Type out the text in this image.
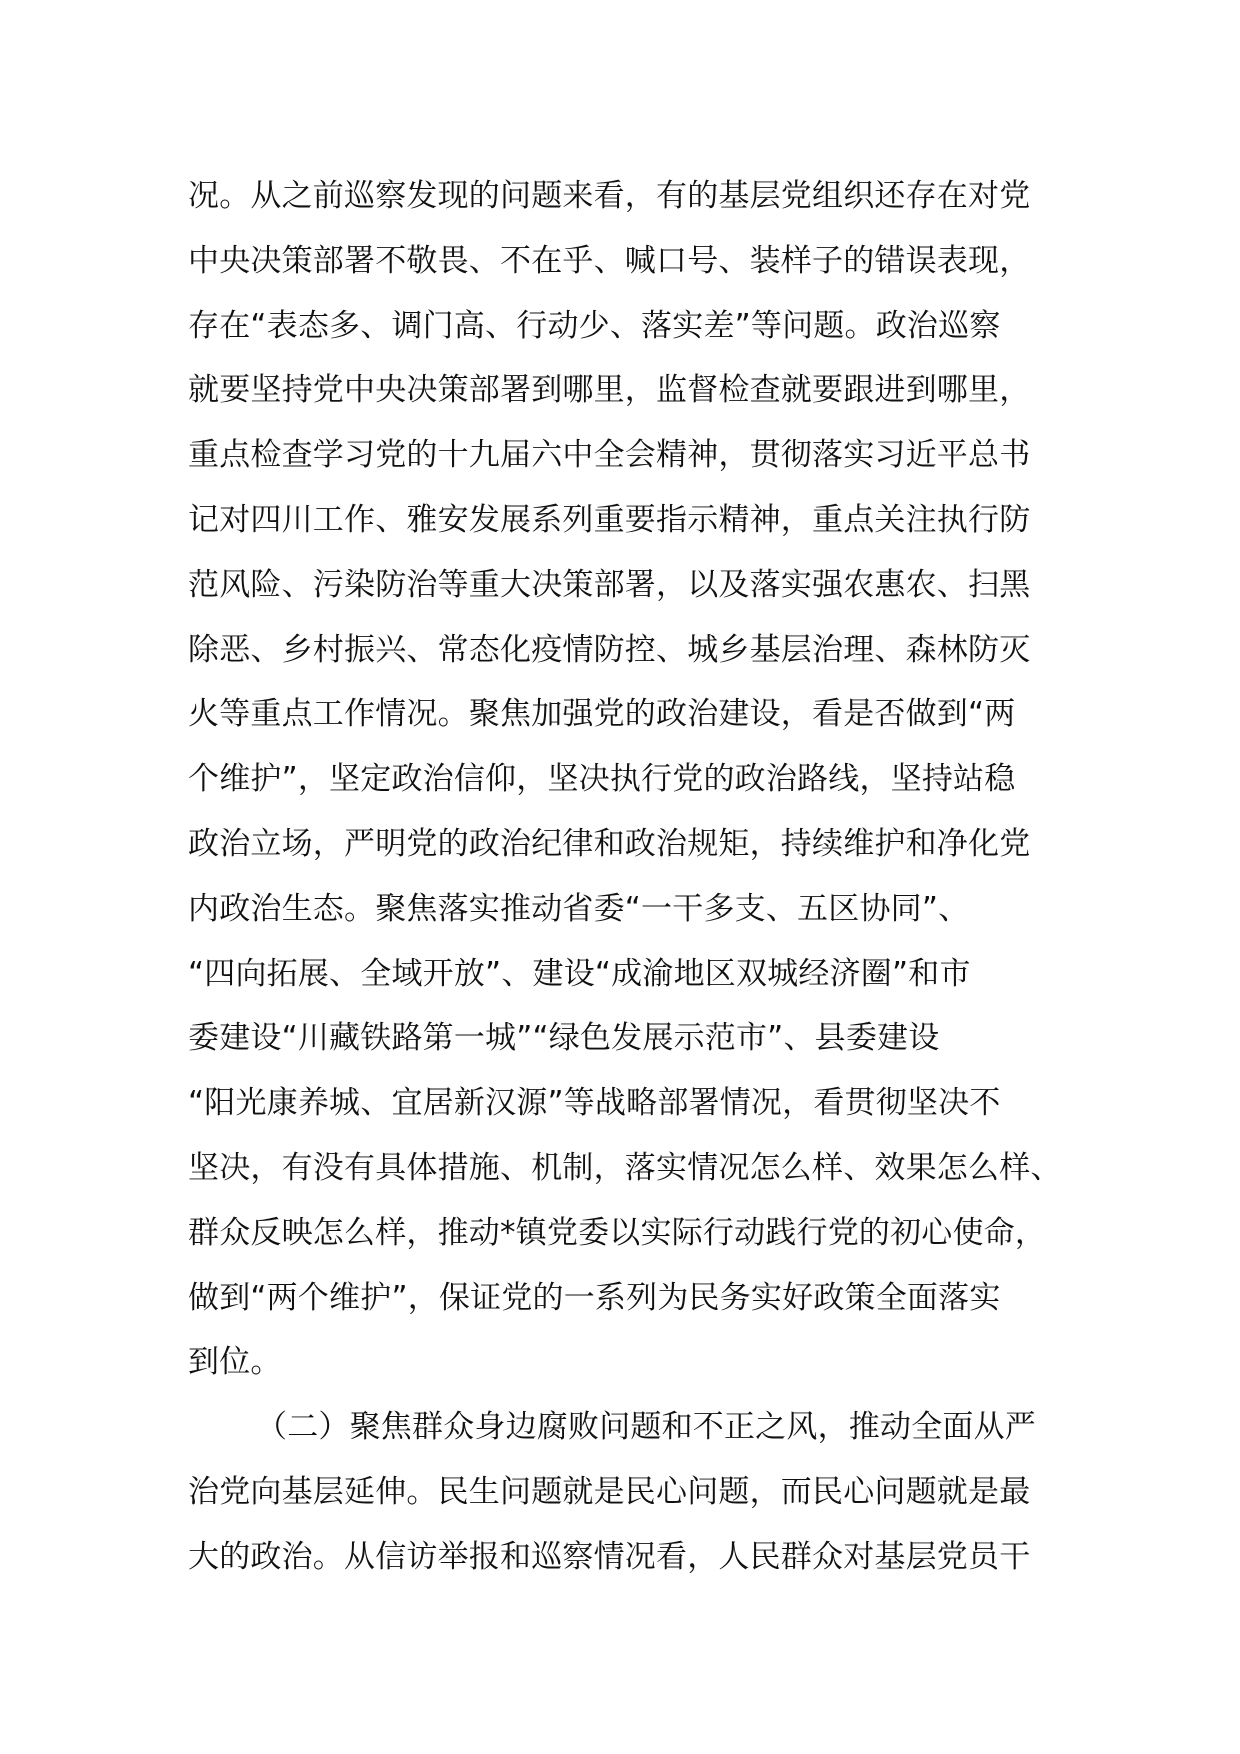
况。从之前巡察发现的问题来看，有的基层党组织还存在对党
中央决策部署不敬畏、不在乎、喊口号、装样子的错误表现，
存在“表态多、调门高、行动少、落实差”等问题。政治巡察
就要坚持党中央决策部署到哪里，监督检查就要跟进到哪里，
重点检查学习党的十九届六中全会精神，贯彻落实习近平总书
记对四川工作、雅安发展系列重要指示精神，重点关注执行防
范风险、污染防治等重大决策部署，以及落实强农惠农、扫黑
除恶、乡村振兴、常态化疫情防控、城乡基层治理、森林防灭
火等重点工作情况。聚焦加强党的政治建设，看是否做到“两
个维护”，坚定政治信仰，坚决执行党的政治路线，坚持站稳
政治立场，严明党的政治纪律和政治规矩，持续维护和净化党
内政治生态。聚焦落实推动省委“一干多支、五区协同”、
“四向拓展、全域开放”、建设“成渝地区双城经济圈”和市
委建设“川藏铁路第一城”“绿色发展示范市”、县委建设
“阳光康养城、宜居新汉源”等战略部署情况，看贯彻坚决不
坚决，有没有具体措施、机制，落实情况怎么样、效果怎么样、
群众反映怎么样，推动*镇党委以实际行动践行党的初心使命，
做到“两个维护”，保证党的一系列为民务实好政策全面落实
到位。
（二）聚焦群众身边腐败问题和不正之风，推动全面从严
治党向基层延伸。民生问题就是民心问题，而民心问题就是最
大的政治。从信访举报和巡察情况看，人民群众对基层党员干
